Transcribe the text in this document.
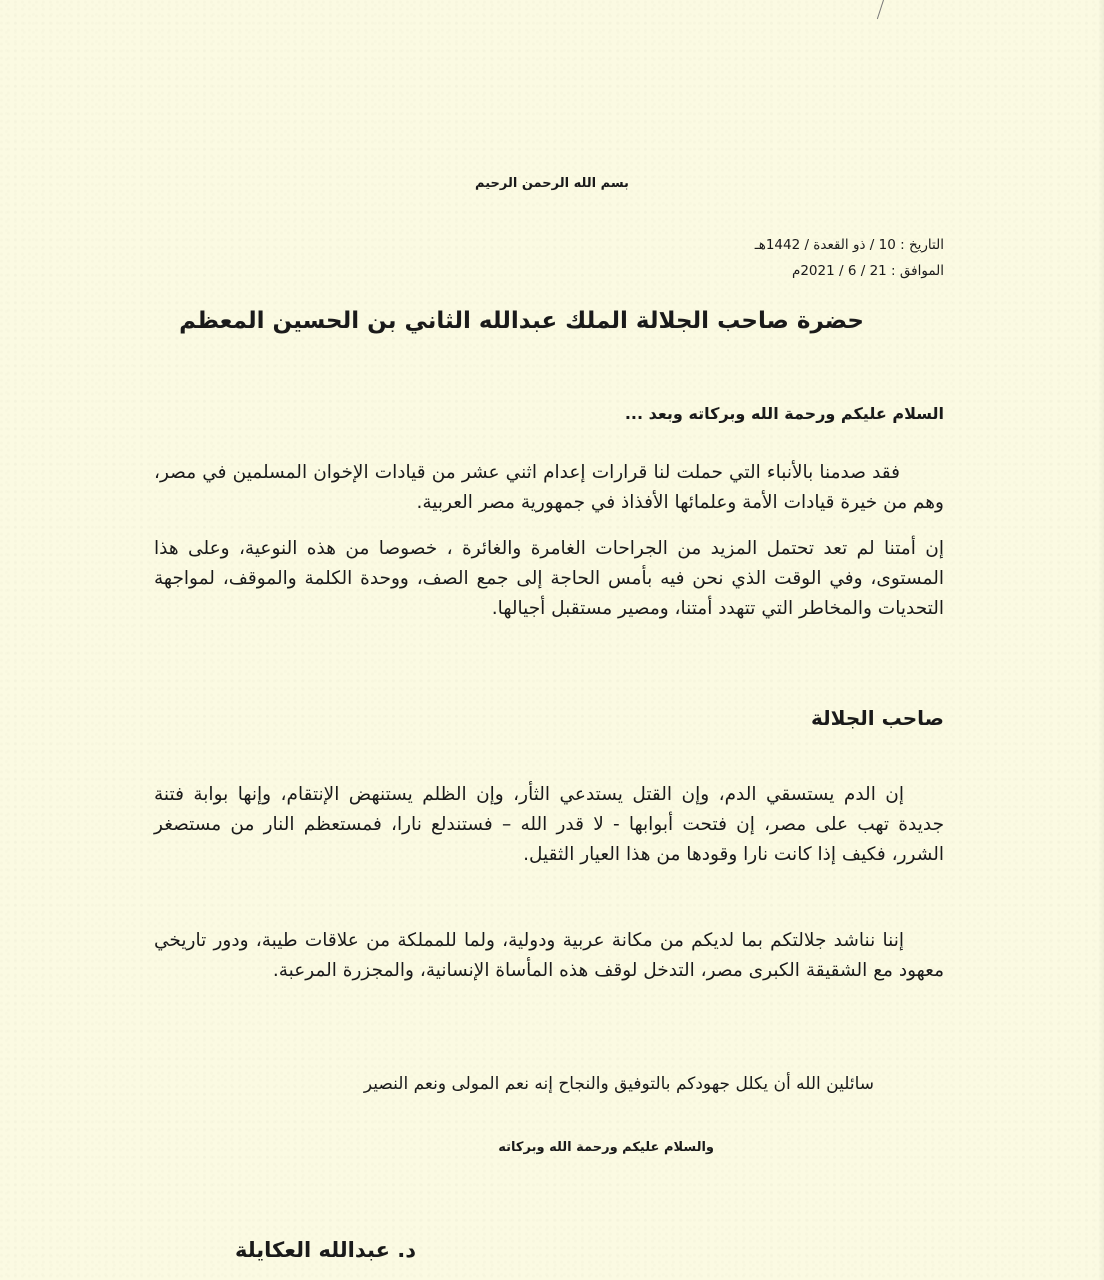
بسم الله الرحمن الرحيم
التاريخ : 10 / ذو القعدة / 1442هـ
الموافق : 21 / 6 / 2021م
حضرة صاحب الجلالة الملك عبدالله الثاني بن الحسين المعظم
السلام عليكم ورحمة الله وبركاته وبعد ...
فقد صدمنا بالأنباء التي حملت لنا قرارات إعدام اثني عشر من قيادات الإخوان المسلمين في مصر، وهم من خيرة قيادات الأمة وعلمائها الأفذاذ في جمهورية مصر العربية.
إن أمتنا لم تعد تحتمل المزيد من الجراحات الغامرة والغائرة ، خصوصا من هذه النوعية، وعلى هذا المستوى، وفي الوقت الذي نحن فيه بأمس الحاجة إلى جمع الصف، ووحدة الكلمة والموقف، لمواجهة التحديات والمخاطر التي تتهدد أمتنا، ومصير مستقبل أجيالها.
صاحب الجلالة
إن الدم يستسقي الدم، وإن القتل يستدعي الثأر، وإن الظلم يستنهض الإنتقام، وإنها بوابة فتنة جديدة تهب على مصر، إن فتحت أبوابها - لا قدر الله – فستندلع نارا، فمستعظم النار من مستصغر الشرر، فكيف إذا كانت نارا وقودها من هذا العيار الثقيل.
إننا نناشد جلالتكم بما لديكم من مكانة عربية ودولية، ولما للمملكة من علاقات طيبة، ودور تاريخي معهود مع الشقيقة الكبرى مصر، التدخل لوقف هذه المأساة الإنسانية، والمجزرة المرعبة.
سائلين الله أن يكلل جهودكم بالتوفيق والنجاح إنه نعم المولى ونعم النصير
والسلام عليكم ورحمة الله وبركاته
د. عبدالله العكايلة
